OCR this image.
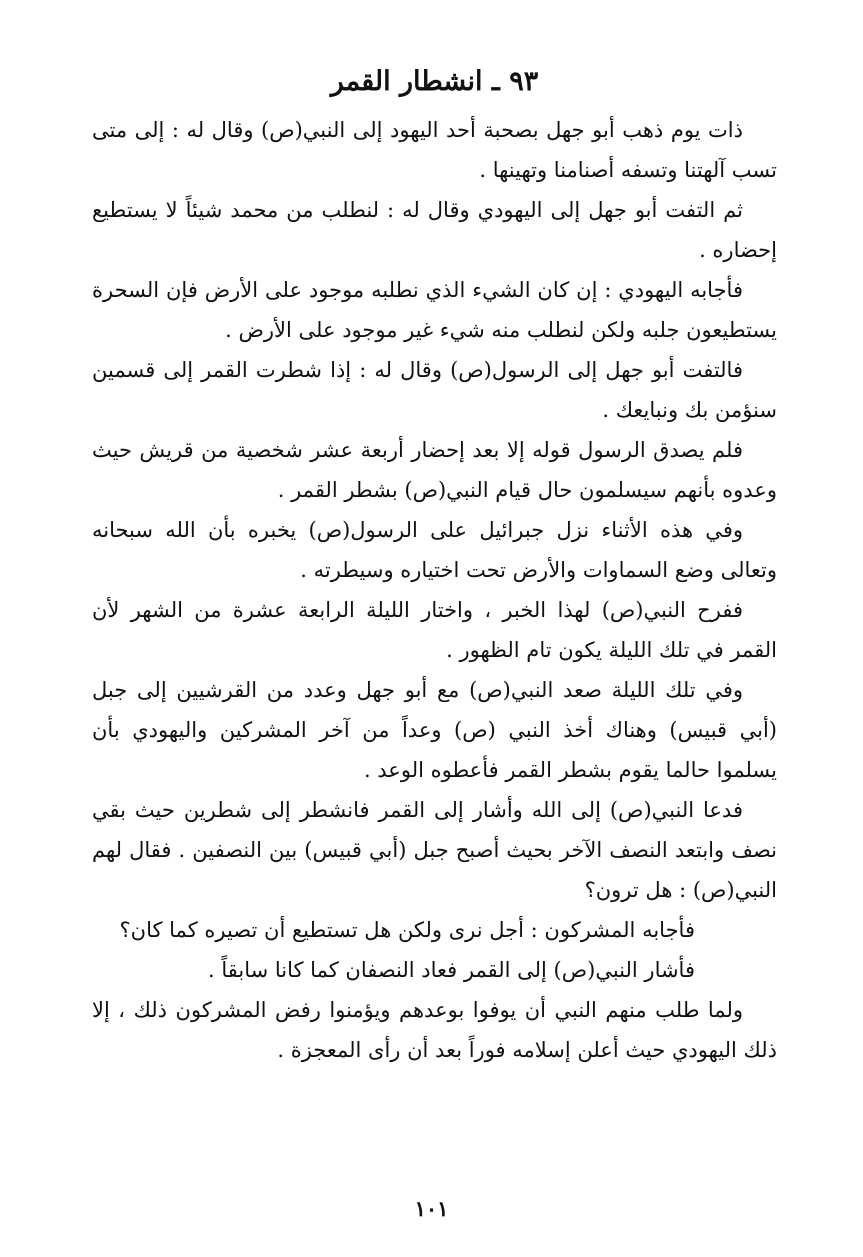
٩٣ ـ انشطار القمر

ذات يوم ذهب أبو جهل بصحبة أحد اليهود إلى النبي(ص) وقال له : إلى متى تسب آلهتنا وتسفه أصنامنا وتهينها .

ثم التفت أبو جهل إلى اليهودي وقال له : لنطلب من محمد شيئاً لا يستطيع إحضاره .

فأجابه اليهودي : إن كان الشيء الذي نطلبه موجود على الأرض فإن السحرة يستطيعون جلبه ولكن لنطلب منه شيء غير موجود على الأرض .

فالتفت أبو جهل إلى الرسول(ص) وقال له : إذا شطرت القمر إلى قسمين سنؤمن بك ونبايعك .

فلم يصدق الرسول قوله إلا بعد إحضار أربعة عشر شخصية من قريش حيث وعدوه بأنهم سيسلمون حال قيام النبي(ص) بشطر القمر .

وفي هذه الأثناء نزل جبرائيل على الرسول(ص) يخبره بأن الله سبحانه وتعالى وضع السماوات والأرض تحت اختياره وسيطرته .

ففرح النبي(ص) لهذا الخبر ، واختار الليلة الرابعة عشرة من الشهر لأن القمر في تلك الليلة يكون تام الظهور .

وفي تلك الليلة صعد النبي(ص) مع أبو جهل وعدد من القرشيين إلى جبل (أبي قبيس) وهناك أخذ النبي (ص) وعداً من آخر المشركين واليهودي بأن يسلموا حالما يقوم بشطر القمر فأعطوه الوعد .

فدعا النبي(ص) إلى الله وأشار إلى القمر فانشطر إلى شطرين حيث بقي نصف وابتعد النصف الآخر بحيث أصبح جبل (أبي قبيس) بين النصفين . فقال لهم النبي(ص) : هل ترون؟

فأجابه المشركون : أجل نرى ولكن هل تستطيع أن تصيره كما كان؟

فأشار النبي(ص) إلى القمر فعاد النصفان كما كانا سابقاً .

ولما طلب منهم النبي أن يوفوا بوعدهم ويؤمنوا رفض المشركون ذلك ، إلا ذلك اليهودي حيث أعلن إسلامه فوراً بعد أن رأى المعجزة .

١٠١
